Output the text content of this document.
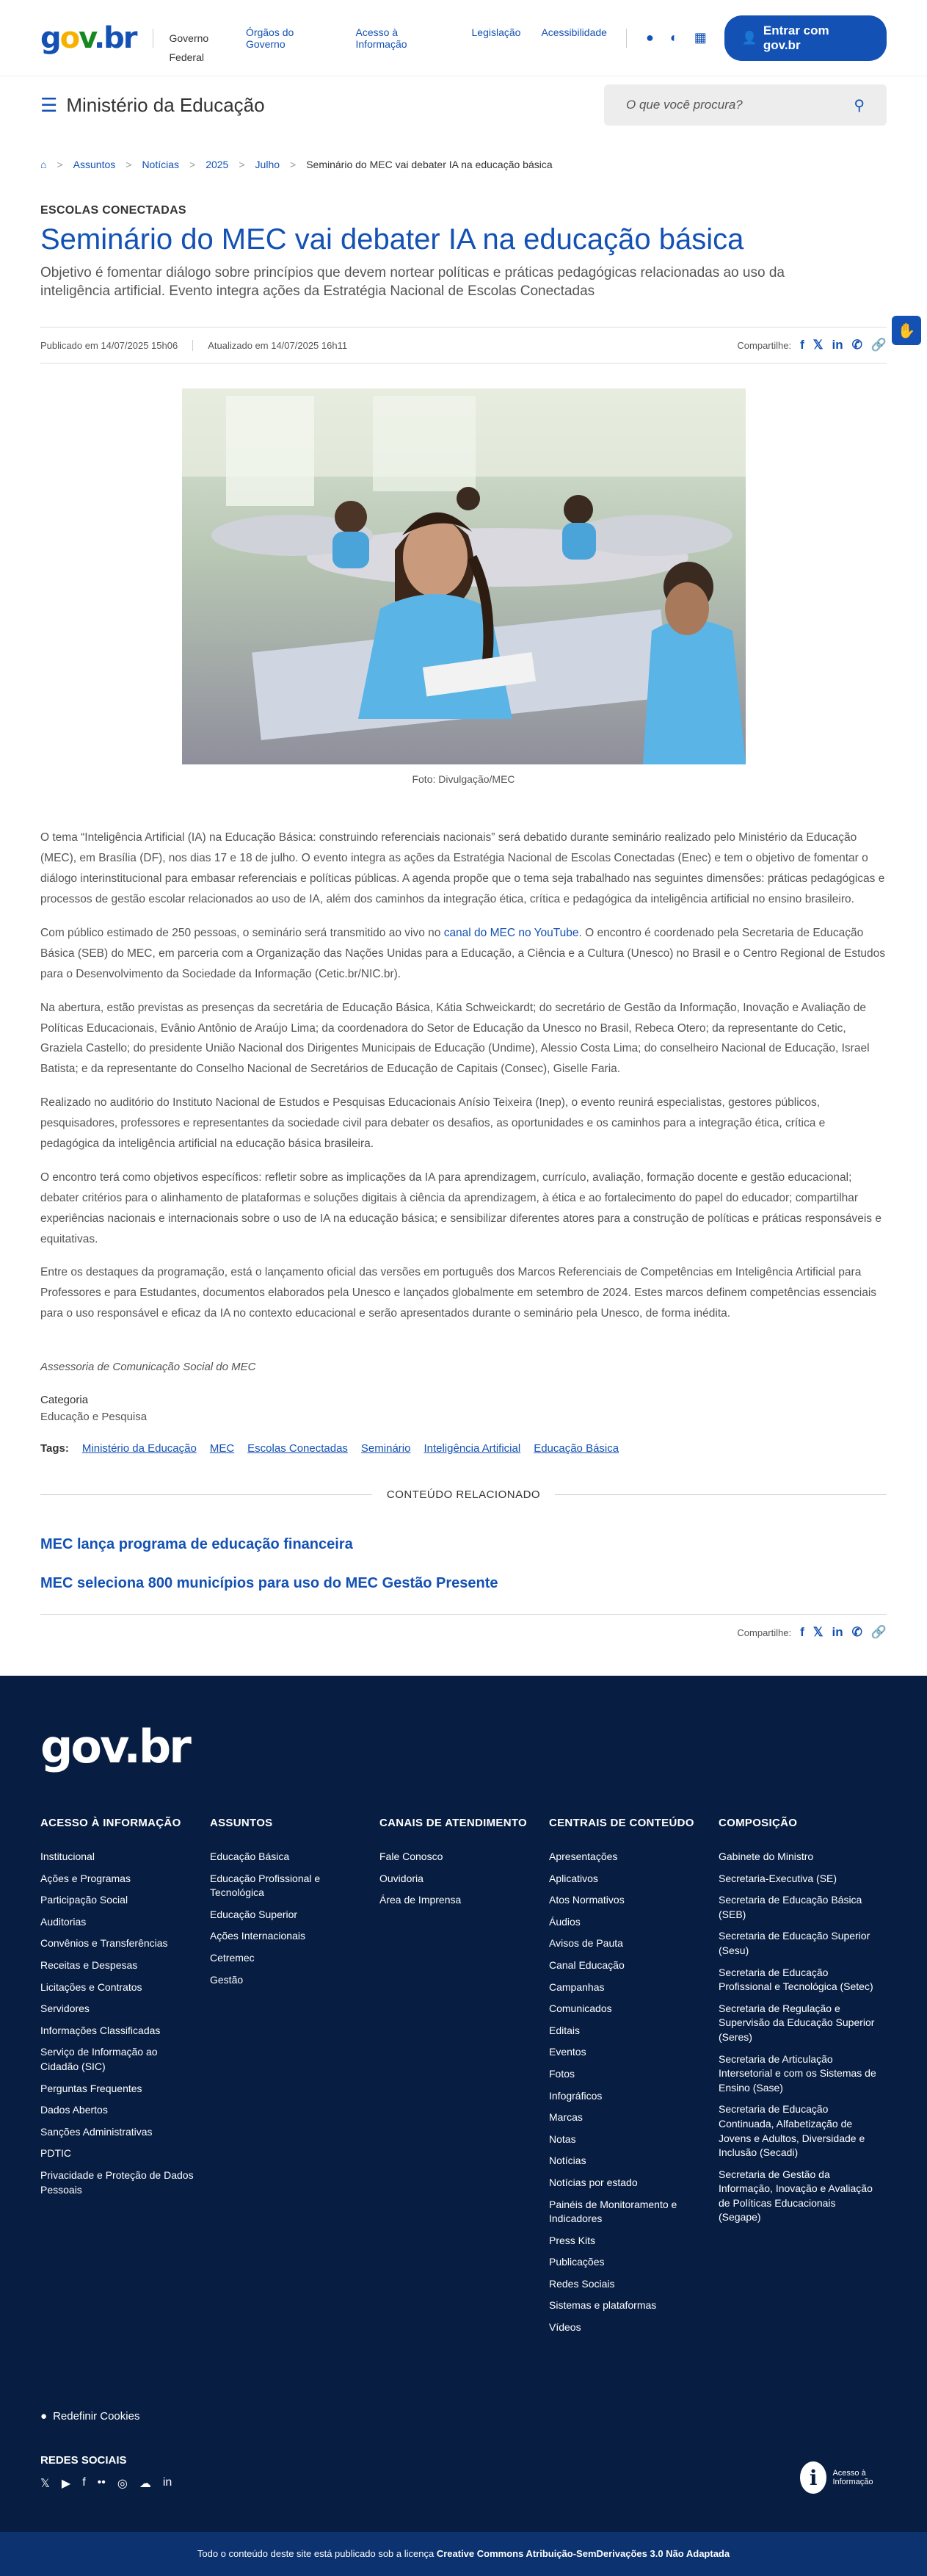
gov.br	Governo Federal
Órgãos do Governo
Acesso à Informação
Legislação Acessibilidade	● ◐ ▦	👤
Entrar com gov.br
☰ Ministério da Educação	O que você procura?	⚲
⌂ > Assuntos > Notícias > 2025 > Julho > Seminário do MEC vai debater IA na educação básica
✋
ESCOLAS CONECTADAS
Seminário do MEC vai debater IA na educação básica
Objetivo é fomentar diálogo sobre princípios que devem nortear políticas e práticas pedagógicas relacionadas ao uso da inteligência artificial. Evento integra ações da Estratégia Nacional de Escolas Conectadas
Publicado em 14/07/2025 15h06	Atualizado em 14/07/2025 16h11	Compartilhe: f 𝕏 in ✆ 🔗
Foto: Divulgação/MEC

O tema “Inteligência Artificial (IA) na Educação Básica: construindo referenciais nacionais” será debatido durante seminário realizado pelo Ministério da Educação (MEC), em Brasília (DF), nos dias 17 e 18 de julho. O evento integra as ações da Estratégia Nacional de Escolas Conectadas (Enec) e tem o objetivo de fomentar o diálogo interinstitucional para embasar referenciais e políticas públicas. A agenda propõe que o tema seja trabalhado nas seguintes dimensões: práticas pedagógicas e processos de gestão escolar relacionados ao uso de IA, além dos caminhos da integração ética, crítica e pedagógica da inteligência artificial no ensino brasileiro.

Com público estimado de 250 pessoas, o seminário será transmitido ao vivo no canal do MEC no YouTube. O encontro é coordenado pela Secretaria de Educação Básica (SEB) do MEC, em parceria com a Organização das Nações Unidas para a Educação, a Ciência e a Cultura (Unesco) no Brasil e o Centro Regional de Estudos para o Desenvolvimento da Sociedade da Informação (Cetic.br/NIC.br).

Na abertura, estão previstas as presenças da secretária de Educação Básica, Kátia Schweickardt; do secretário de Gestão da Informação, Inovação e Avaliação de Políticas Educacionais, Evânio Antônio de Araújo Lima; da coordenadora do Setor de Educação da Unesco no Brasil, Rebeca Otero; da representante do Cetic, Graziela Castello; do presidente União Nacional dos Dirigentes Municipais de Educação (Undime), Alessio Costa Lima; do conselheiro Nacional de Educação, Israel Batista; e da representante do Conselho Nacional de Secretários de Educação de Capitais (Consec), Giselle Faria.

Realizado no auditório do Instituto Nacional de Estudos e Pesquisas Educacionais Anísio Teixeira (Inep), o evento reunirá especialistas, gestores públicos, pesquisadores, professores e representantes da sociedade civil para debater os desafios, as oportunidades e os caminhos para a integração ética, crítica e pedagógica da inteligência artificial na educação básica brasileira.

O encontro terá como objetivos específicos: refletir sobre as implicações da IA para aprendizagem, currículo, avaliação, formação docente e gestão educacional; debater critérios para o alinhamento de plataformas e soluções digitais à ciência da aprendizagem, à ética e ao fortalecimento do papel do educador; compartilhar experiências nacionais e internacionais sobre o uso de IA na educação básica; e sensibilizar diferentes atores para a construção de políticas e práticas responsáveis e equitativas.

Entre os destaques da programação, está o lançamento oficial das versões em português dos Marcos Referenciais de Competências em Inteligência Artificial para Professores e para Estudantes, documentos elaborados pela Unesco e lançados globalmente em setembro de 2024. Estes marcos definem competências essenciais para o uso responsável e eficaz da IA no contexto educacional e serão apresentados durante o seminário pela Unesco, de forma inédita.

Assessoria de Comunicação Social do MEC
Categoria
Educação e Pesquisa
Tags: Ministério da Educação MEC Escolas Conectadas Seminário Inteligência Artificial Educação Básica
CONTEÚDO RELACIONADO
MEC lança programa de educação financeira
MEC seleciona 800 municípios para uso do MEC Gestão Presente
Compartilhe: f 𝕏 in ✆ 🔗
gov.br
ACESSO À INFORMAÇÃO
Institucional
Ações e Programas
Participação Social
Auditorias
Convênios e Transferências
Receitas e Despesas
Licitações e Contratos
Servidores
Informações Classificadas
Serviço de Informação ao Cidadão (SIC)
Perguntas Frequentes
Dados Abertos
Sanções Administrativas
PDTIC
Privacidade e Proteção de Dados Pessoais
ASSUNTOS
Educação Básica
Educação Profissional e Tecnológica
Educação Superior
Ações Internacionais
Cetremec
Gestão
CANAIS DE ATENDIMENTO
Fale Conosco
Ouvidoria
Área de Imprensa
CENTRAIS DE CONTEÚDO
Apresentações
Aplicativos
Atos Normativos
Áudios
Avisos de Pauta
Canal Educação
Campanhas
Comunicados
Editais
Eventos
Fotos
Infográficos
Marcas
Notas
Notícias
Notícias por estado
Painéis de Monitoramento e Indicadores
Press Kits
Publicações
Redes Sociais
Sistemas e plataformas
Vídeos
COMPOSIÇÃO
Gabinete do Ministro
Secretaria-Executiva (SE)
Secretaria de Educação Básica (SEB)
Secretaria de Educação Superior (Sesu)
Secretaria de Educação Profissional e Tecnológica (Setec)
Secretaria de Regulação e Supervisão da Educação Superior (Seres)
Secretaria de Articulação Intersetorial e com os Sistemas de Ensino (Sase)
Secretaria de Educação Continuada, Alfabetização de Jovens e Adultos, Diversidade e Inclusão (Secadi)
Secretaria de Gestão da Informação, Inovação e Avaliação de Políticas Educacionais (Segape)
● Redefinir Cookies
REDES SOCIAIS
𝕏 ▶ f •• ◎ ☁ in	i	Acesso à Informação
Todo o conteúdo deste site está publicado sob a licença Creative Commons Atribuição-SemDerivações 3.0 Não Adaptada
